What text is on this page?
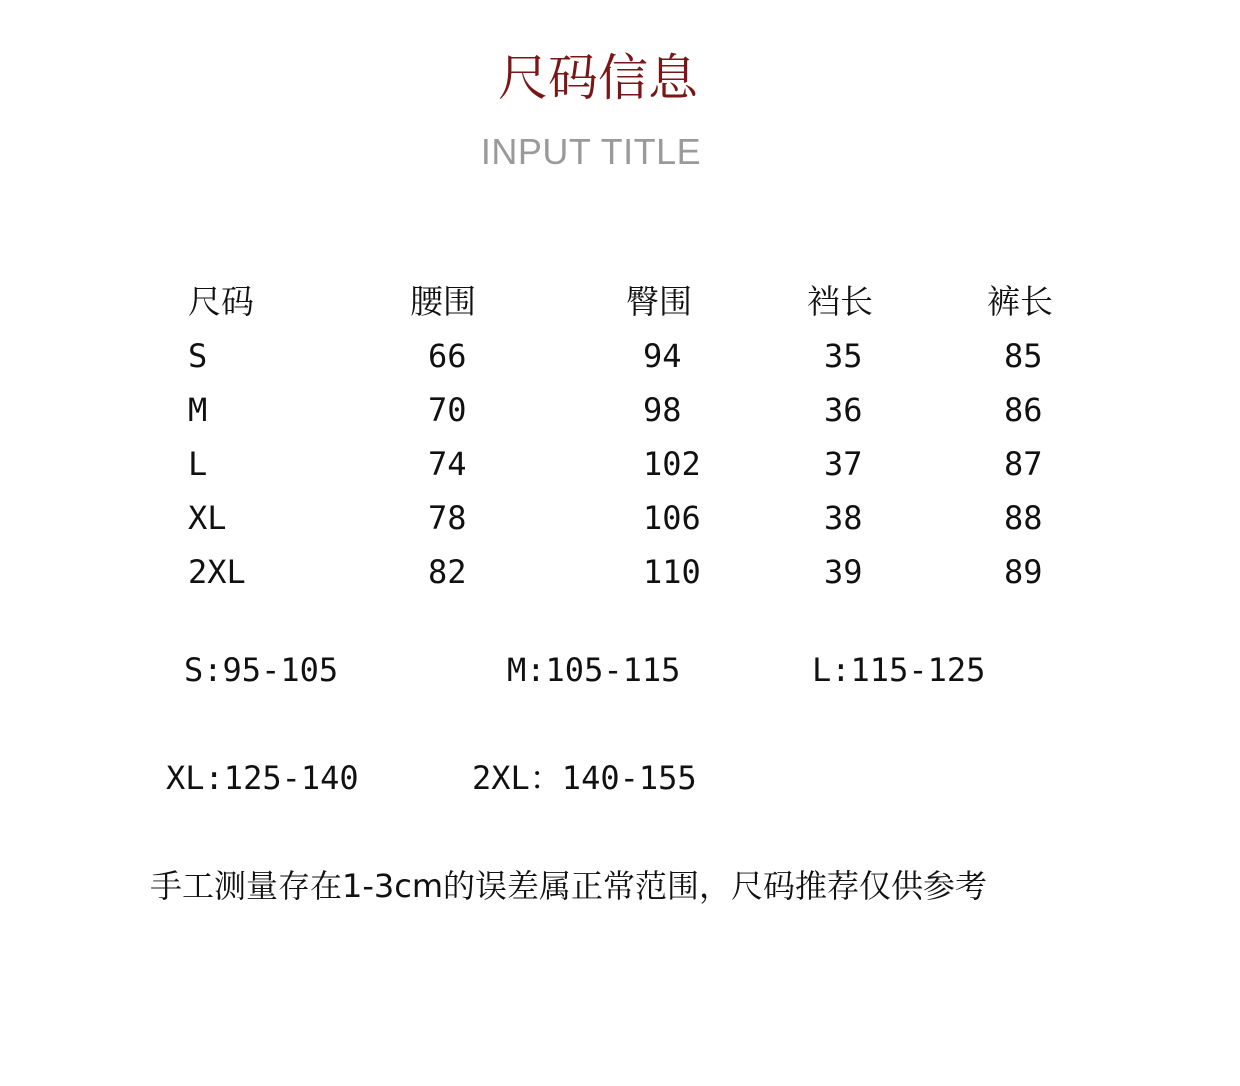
尺码信息
INPUT TITLE
尺码	腰围	臀围	裆长	裤长
S	66	94	35	85
M	70	98	36	86
L	74	102	37	87
XL	78	106	38	88
2XL	82	110	39	89
S:95-105	M:105-115	L:115-125
XL:125-140	2XL：140-155
手工测量存在1-3cm的误差属正常范围，尺码推荐仅供参考
